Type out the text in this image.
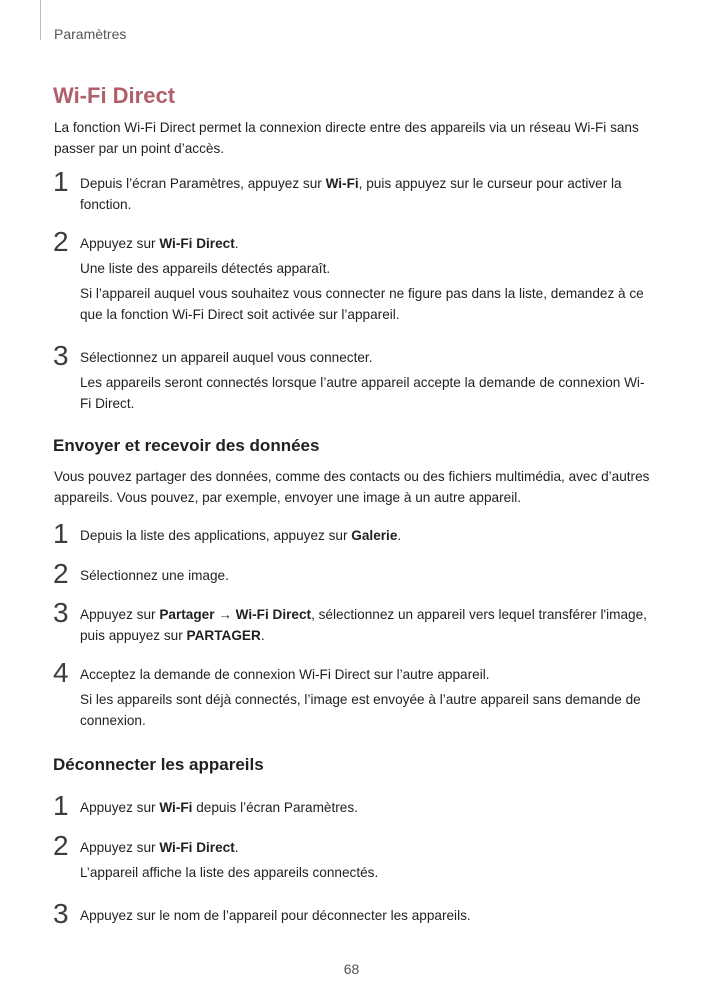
Paramètres
Wi-Fi Direct

La fonction Wi-Fi Direct permet la connexion directe entre des appareils via un réseau Wi-Fi sans passer par un point d’accès.

1 Depuis l’écran Paramètres, appuyez sur Wi-Fi, puis appuyez sur le curseur pour activer la fonction.

2 Appuyez sur Wi-Fi Direct.

Une liste des appareils détectés apparaît.

Si l’appareil auquel vous souhaitez vous connecter ne figure pas dans la liste, demandez à ce que la fonction Wi-Fi Direct soit activée sur l’appareil.

3 Sélectionnez un appareil auquel vous connecter.

Les appareils seront connectés lorsque l’autre appareil accepte la demande de connexion Wi-Fi Direct.

Envoyer et recevoir des données

Vous pouvez partager des données, comme des contacts ou des fichiers multimédia, avec d’autres appareils. Vous pouvez, par exemple, envoyer une image à un autre appareil.

1 Depuis la liste des applications, appuyez sur Galerie.

2 Sélectionnez une image.

3 Appuyez sur Partager → Wi-Fi Direct, sélectionnez un appareil vers lequel transférer l'image, puis appuyez sur PARTAGER.

4 Acceptez la demande de connexion Wi-Fi Direct sur l’autre appareil.

Si les appareils sont déjà connectés, l’image est envoyée à l’autre appareil sans demande de connexion.

Déconnecter les appareils
1 Appuyez sur Wi-Fi depuis l’écran Paramètres.

2 Appuyez sur Wi-Fi Direct.

L’appareil affiche la liste des appareils connectés.

3 Appuyez sur le nom de l’appareil pour déconnecter les appareils.

68
